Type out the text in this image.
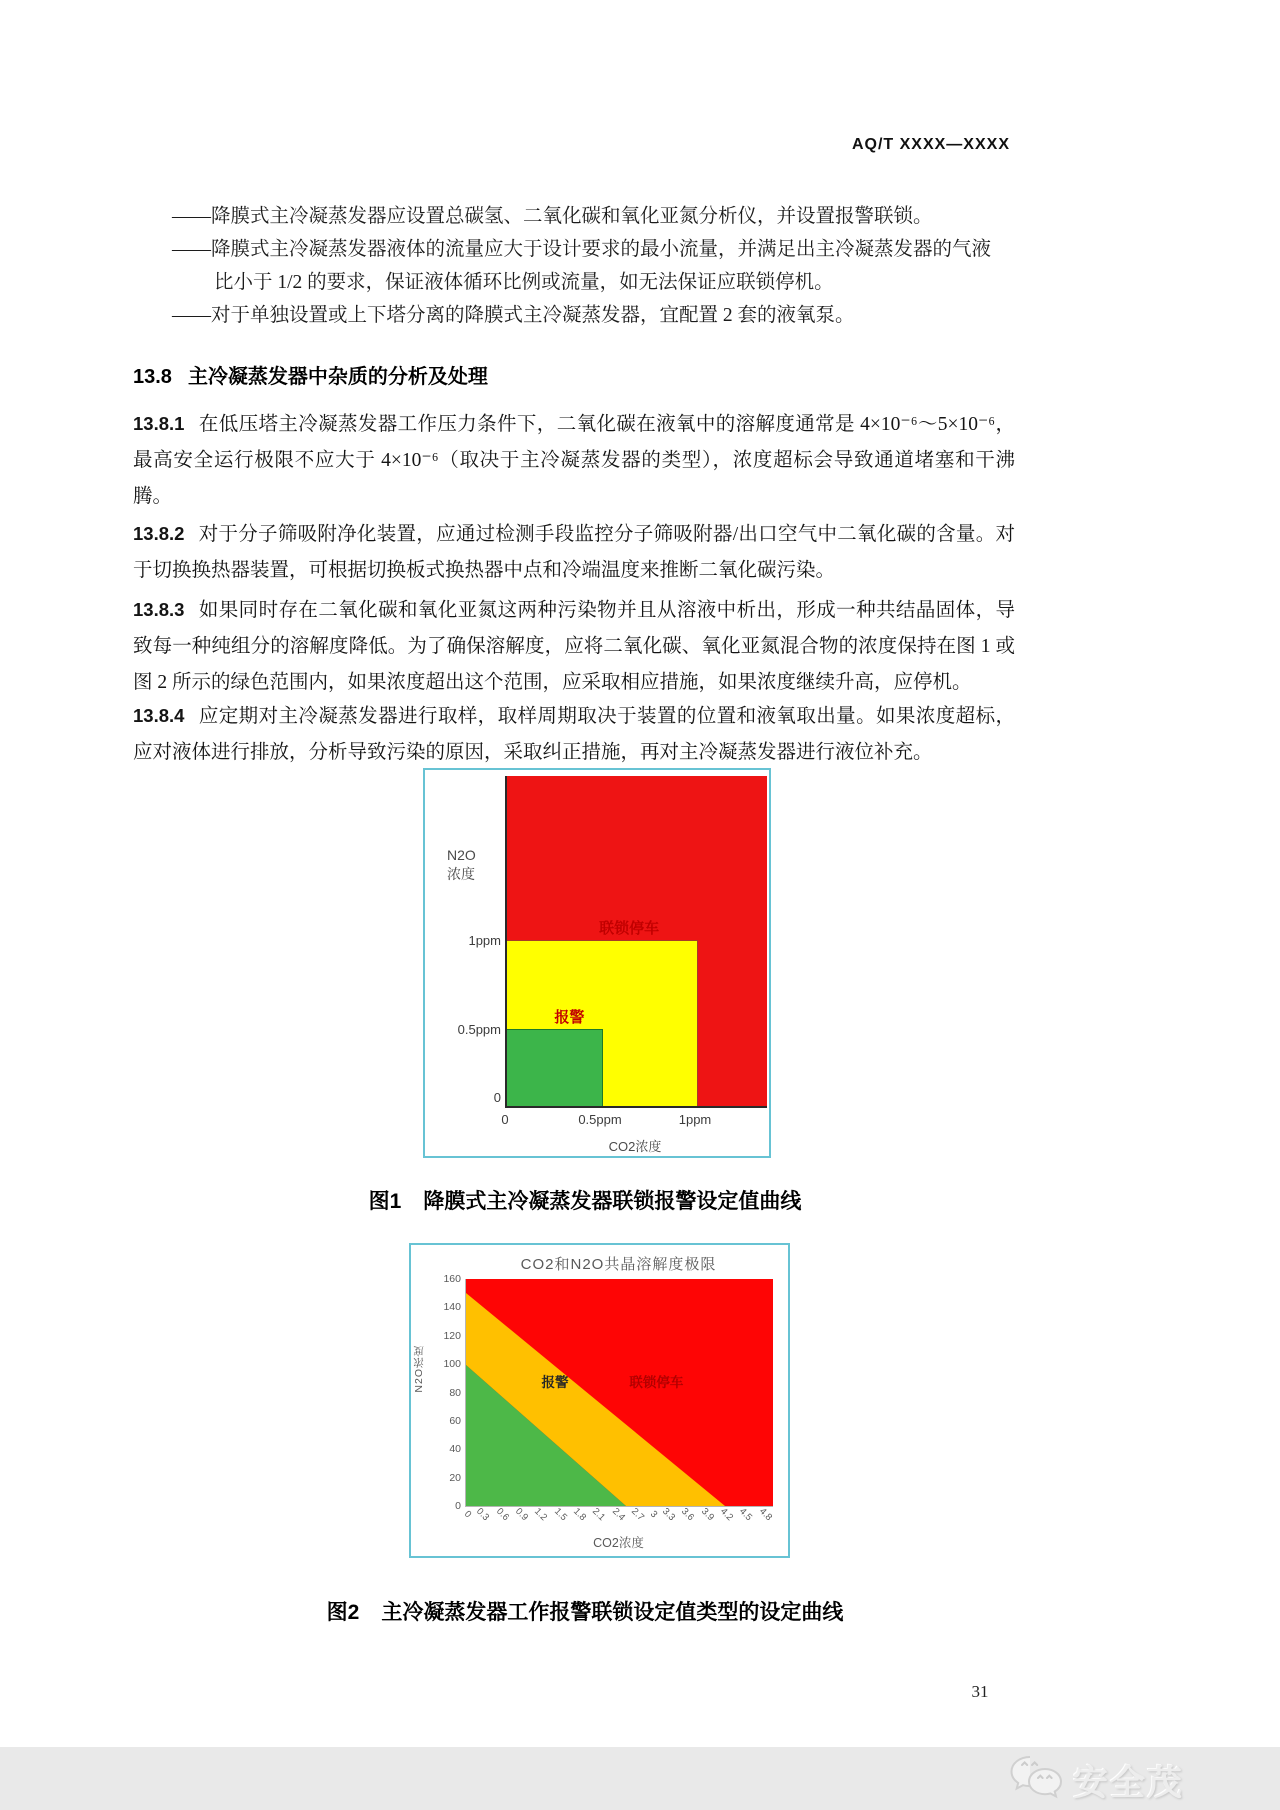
AQ/T XXXX—XXXX
——降膜式主冷凝蒸发器应设置总碳氢、二氧化碳和氧化亚氮分析仪，并设置报警联锁。
——降膜式主冷凝蒸发器液体的流量应大于设计要求的最小流量，并满足出主冷凝蒸发器的气液
比小于 1/2 的要求，保证液体循环比例或流量，如无法保证应联锁停机。
——对于单独设置或上下塔分离的降膜式主冷凝蒸发器，宜配置 2 套的液氧泵。
13.8 主冷凝蒸发器中杂质的分析及处理

13.8.1 在低压塔主冷凝蒸发器工作压力条件下，二氧化碳在液氧中的溶解度通常是 4×10⁻⁶～5×10⁻⁶，最高安全运行极限不应大于 4×10⁻⁶（取决于主冷凝蒸发器的类型），浓度超标会导致通道堵塞和干沸腾。

13.8.2 对于分子筛吸附净化装置，应通过检测手段监控分子筛吸附器/出口空气中二氧化碳的含量。对于切换换热器装置，可根据切换板式换热器中点和冷端温度来推断二氧化碳污染。

13.8.3 如果同时存在二氧化碳和氧化亚氮这两种污染物并且从溶液中析出，形成一种共结晶固体，导致每一种纯组分的溶解度降低。为了确保溶解度，应将二氧化碳、氧化亚氮混合物的浓度保持在图 1 或图 2 所示的绿色范围内，如果浓度超出这个范围，应采取相应措施，如果浓度继续升高，应停机。

13.8.4 应定期对主冷凝蒸发器进行取样，取样周期取决于装置的位置和液氧取出量。如果浓度超标，应对液体进行排放，分析导致污染的原因，采取纠正措施，再对主冷凝蒸发器进行液位补充。

联锁停车
报警
N2O
浓度
1ppm
0.5ppm
0
0	0.5ppm	1ppm
CO2浓度
图1 降膜式主冷凝蒸发器联锁报警设定值曲线
CO2和N2O共晶溶解度极限
报警	联锁停车
160
140
120
100
80
60
40
20
0
N2O浓度
0 0.3 0.6 0.9 1.2 1.5 1.8 2.1 2.4 2.7 3 3.3 3.6 3.9 4.2 4.5 4.8
CO2浓度
图2 主冷凝蒸发器工作报警联锁设定值类型的设定曲线
31
安全茂
